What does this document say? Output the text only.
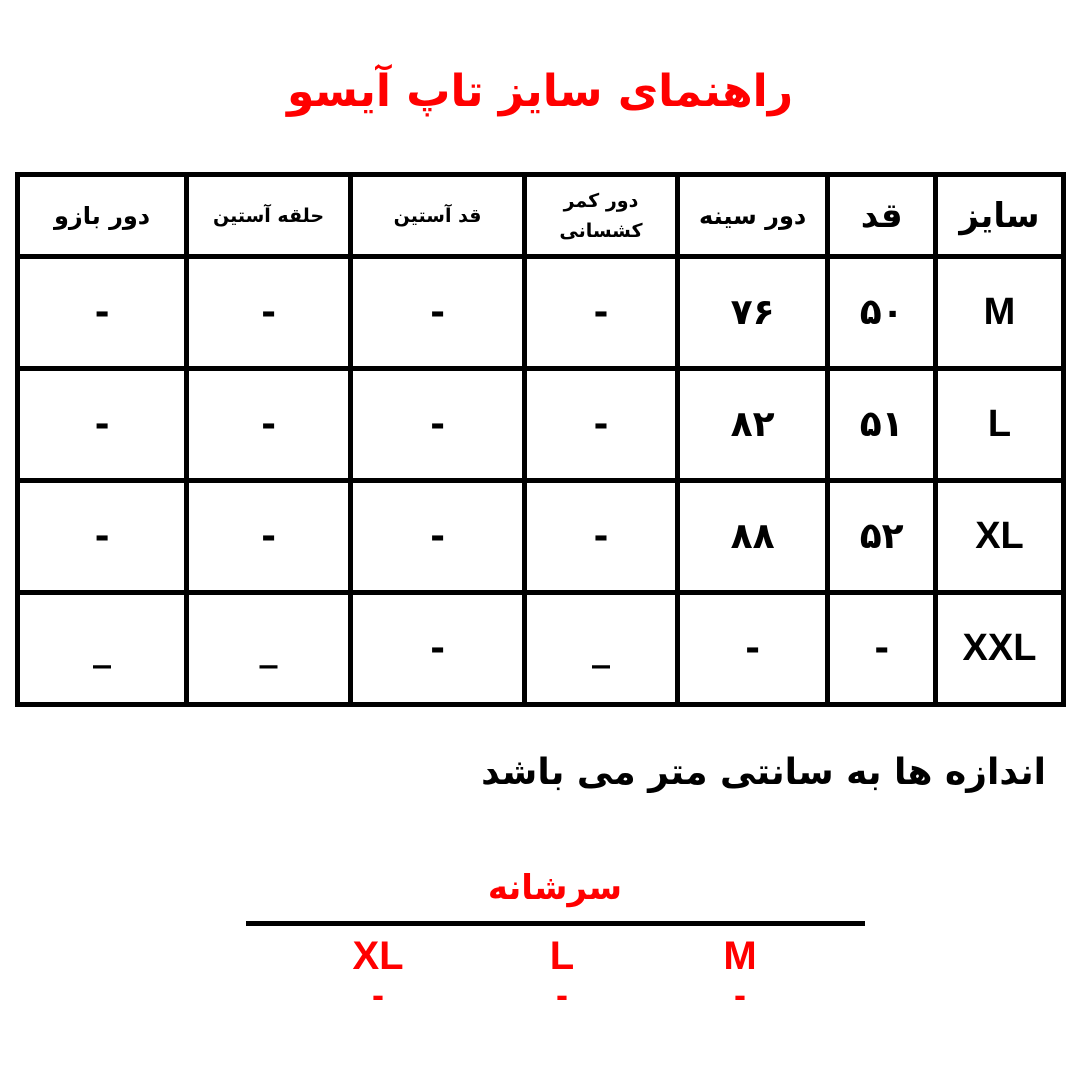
راهنمای سایز تاپ آیسو
سایز	قد	دور سینه	دور کمر کشسانی	قد آستین	حلقه آستین	دور بازو
M	۵۰	۷۶	-	-	-	-
L	۵۱	۸۲	-	-	-	-
XL	۵۲	۸۸	-	-	-	-
XXL	-	-	_	-	_	_
اندازه ها به سانتی متر می باشد
سرشانه
M
-
L
-
XL
-
